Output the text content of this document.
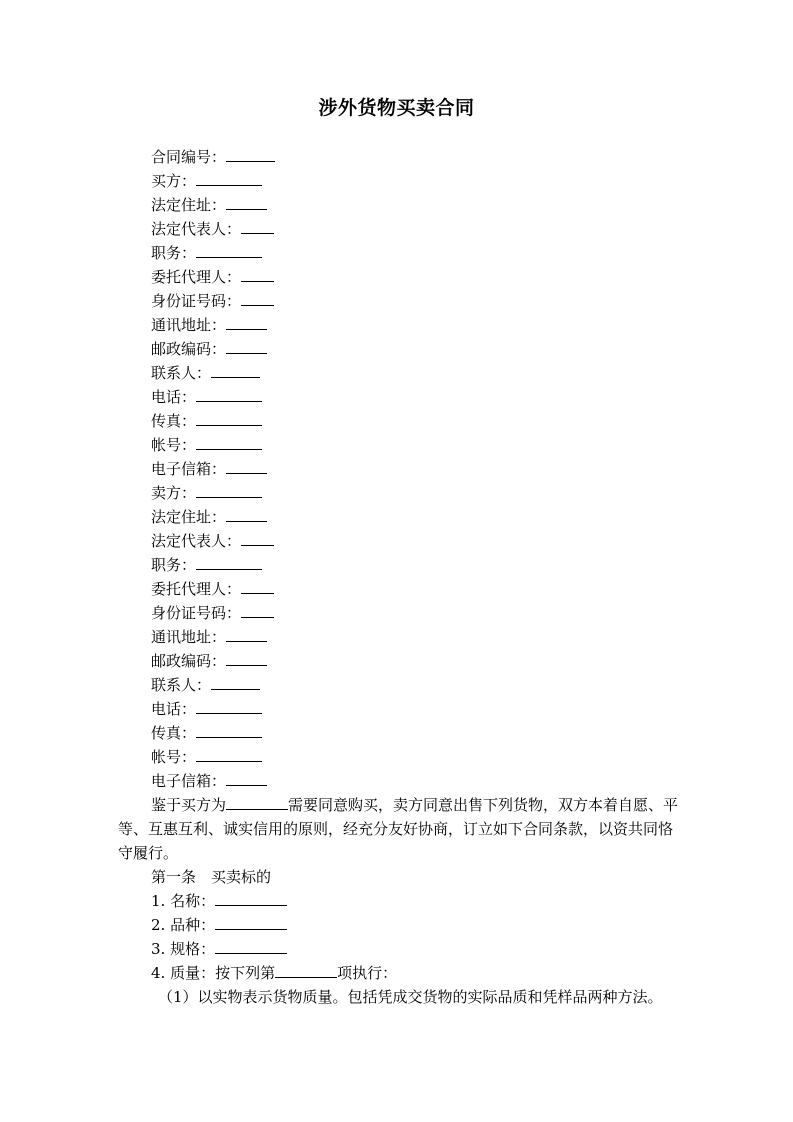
涉外货物买卖合同
合同编号：
买方：
法定住址：
法定代表人：
职务：
委托代理人：
身份证号码：
通讯地址：
邮政编码：
联系人：
电话：
传真：
帐号：
电子信箱：
卖方：
法定住址：
法定代表人：
职务：
委托代理人：
身份证号码：
通讯地址：
邮政编码：
联系人：
电话：
传真：
帐号：
电子信箱：
鉴于买方为	需要同意购买，卖方同意出售下列货物，双方本着自愿、平等、互惠互利、诚实信用的原则，经充分友好协商，订立如下合同条款，以资共同恪守履行。
第一条　买卖标的
1. 名称：
2. 品种：
3. 规格：
4. 质量：按下列第	项执行：
（1）以实物表示货物质量。包括凭成交货物的实际品质和凭样品两种方法。
